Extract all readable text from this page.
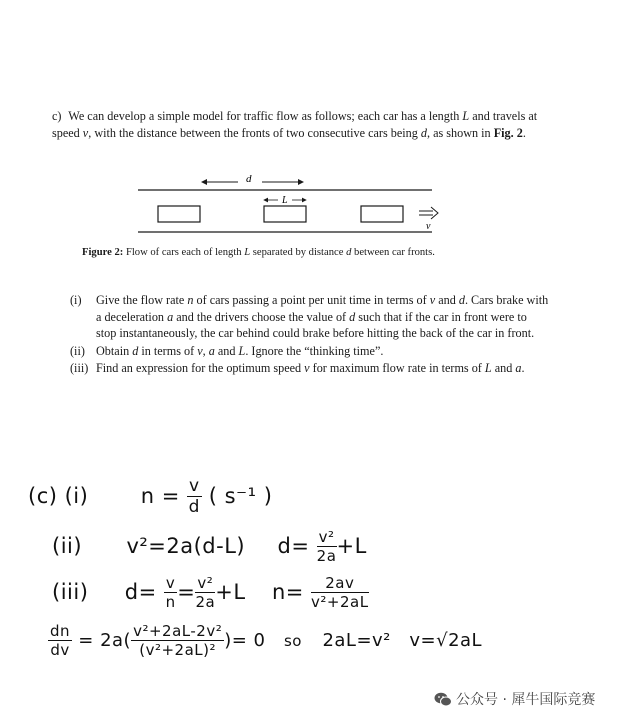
c) We can develop a simple model for traffic flow as follows; each car has a length L and travels at speed v, with the distance between the fronts of two consecutive cars being d, as shown in Fig. 2.

d
L
v
Figure 2: Flow of cars each of length L separated by distance d between car fronts.
(i) Give the flow rate n of cars passing a point per unit time in terms of v and d. Cars brake with a deceleration a and the drivers choose the value of d such that if the car in front were to stop instantaneously, the car behind could brake before hitting the back of the car in front.
(ii) Obtain d in terms of v, a and L. Ignore the “thinking time”.
(iii) Find an expression for the optimum speed v for maximum flow rate in terms of L and a.
(c) (i) $n = \frac{v}{d}$ ( s⁻¹ )
(ii) v²=2a(d-L) $d= \frac{\text{v²}}{2a} +L$
(iii) $d= \frac{v}{n} = \frac{\text{v²}}{2a} +L$ $n= \frac{2av}{\text{v²+2aL}}$
$\frac{dn}{dv} = 2a( \frac{\text{v²+2aL-2v²}}{\text{(v²+2aL)²}}$ )= 0 so 2aL=v² v=√2aL
公众号 · 犀牛国际竞赛
